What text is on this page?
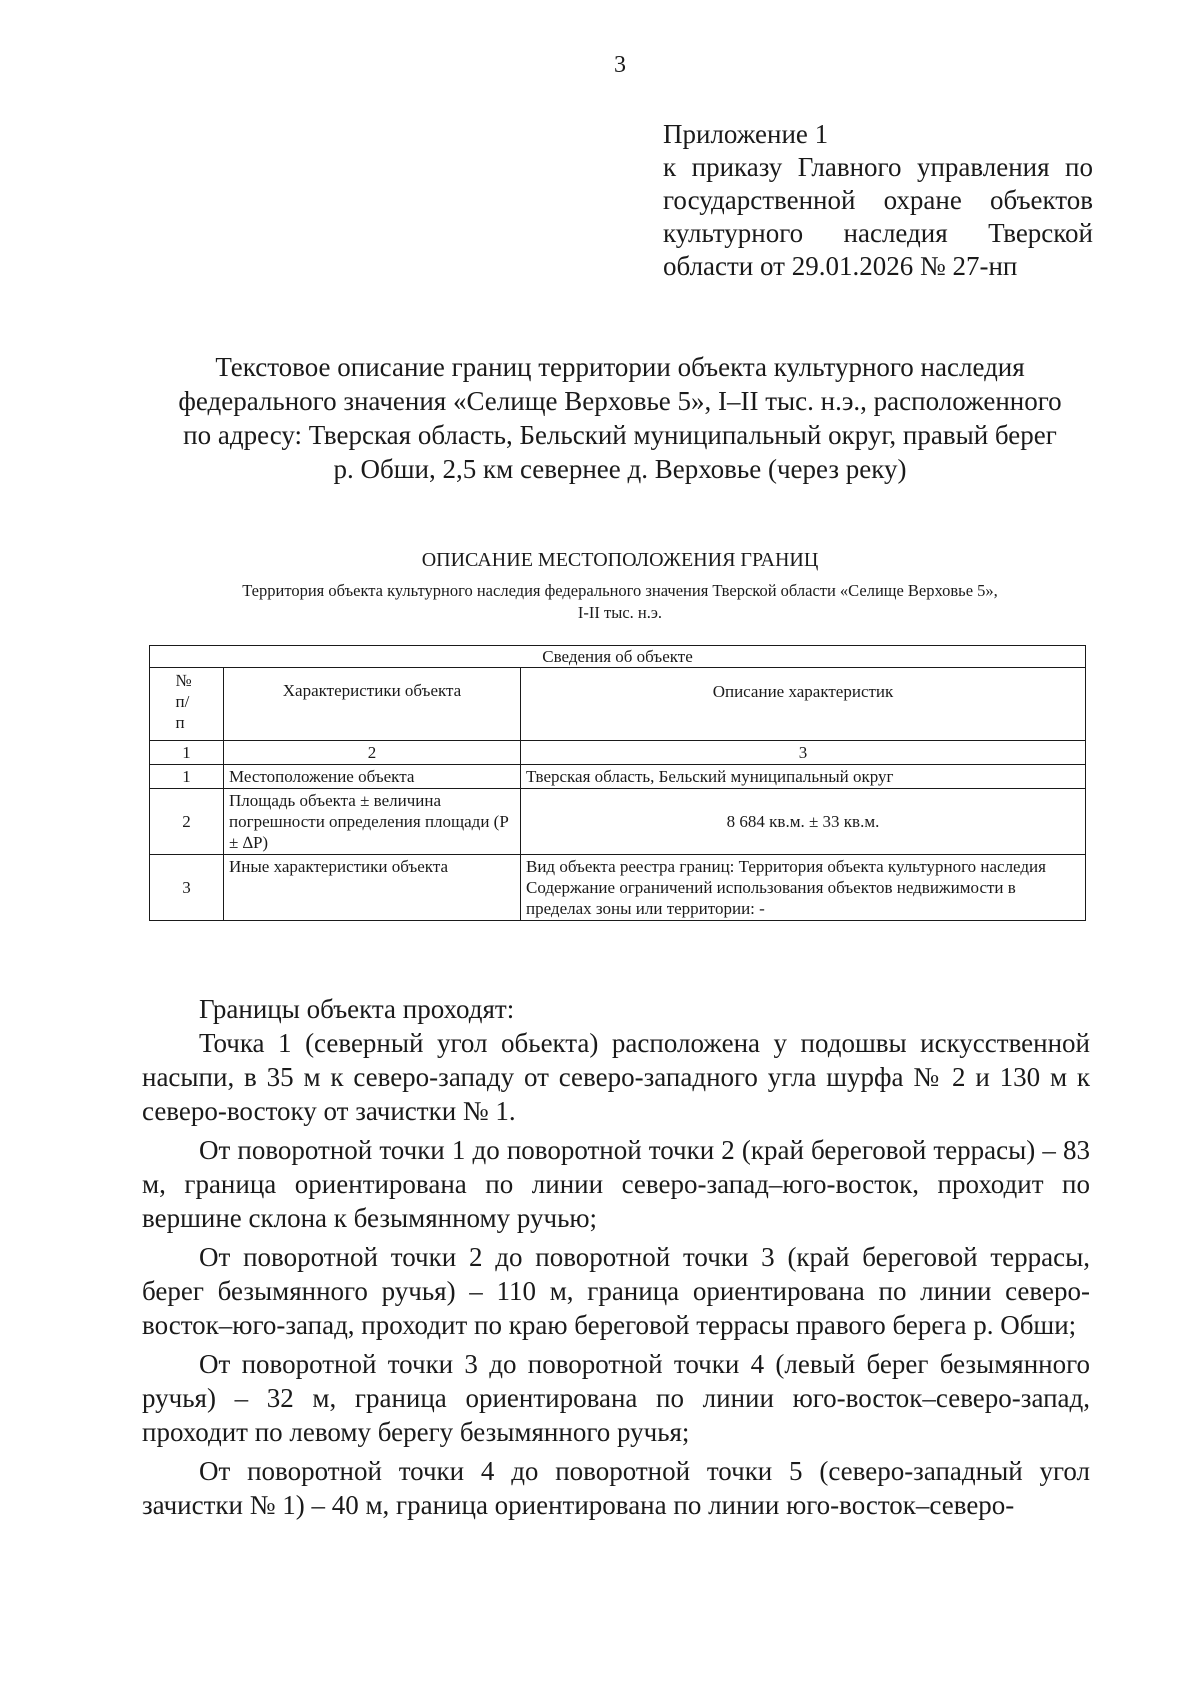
3
Приложение 1
к приказу Главного управления по
государственной охране объектов
культурного наследия Тверской
области от 29.01.2026 № 27-нп
Текстовое описание границ территории объекта культурного наследия
федерального значения «Селище Верховье 5», I–II тыс. н.э., расположенного
по адресу: Тверская область, Бельский муниципальный округ, правый берег
р. Обши, 2,5 км севернее д. Верховье (через реку)
ОПИСАНИЕ МЕСТОПОЛОЖЕНИЯ ГРАНИЦ
Территория объекта культурного наследия федерального значения Тверской области «Селище Верховье 5»,
I-II тыс. н.э.
Сведения об объекте		
№ п/ п	Характеристики объекта	Описание характеристик
1	2	3
1	Местоположение объекта	Тверская область, Бельский муниципальный округ
2	Площадь объекта ± величина погрешности определения площади (Р ± ∆Р)	8 684 кв.м. ± 33 кв.м.
3	Иные характеристики объекта	Вид объекта реестра границ: Территория объекта культурного наследия
Содержание ограничений использования объектов недвижимости в пределах зоны или территории: -

Границы объекта проходят:

Точка 1 (северный угол обьекта) расположена у подошвы искусственной насыпи, в 35 м к северо-западу от северо-западного угла шурфа № 2 и 130 м к северо-востоку от зачистки № 1.

От поворотной точки 1 до поворотной точки 2 (край береговой террасы) – 83 м, граница ориентирована по линии северо-запад–юго-восток, проходит по вершине склона к безымянному ручью;

От поворотной точки 2 до поворотной точки 3 (край береговой террасы, берег безымянного ручья) – 110 м, граница ориентирована по линии северо-восток–юго-запад, проходит по краю береговой террасы правого берега р. Обши;

От поворотной точки 3 до поворотной точки 4 (левый берег безымянного ручья) – 32 м, граница ориентирована по линии юго-восток–северо-запад, проходит по левому берегу безымянного ручья;

От поворотной точки 4 до поворотной точки 5 (северо-западный угол зачистки № 1) – 40 м, граница ориентирована по линии юго-восток–северо-
